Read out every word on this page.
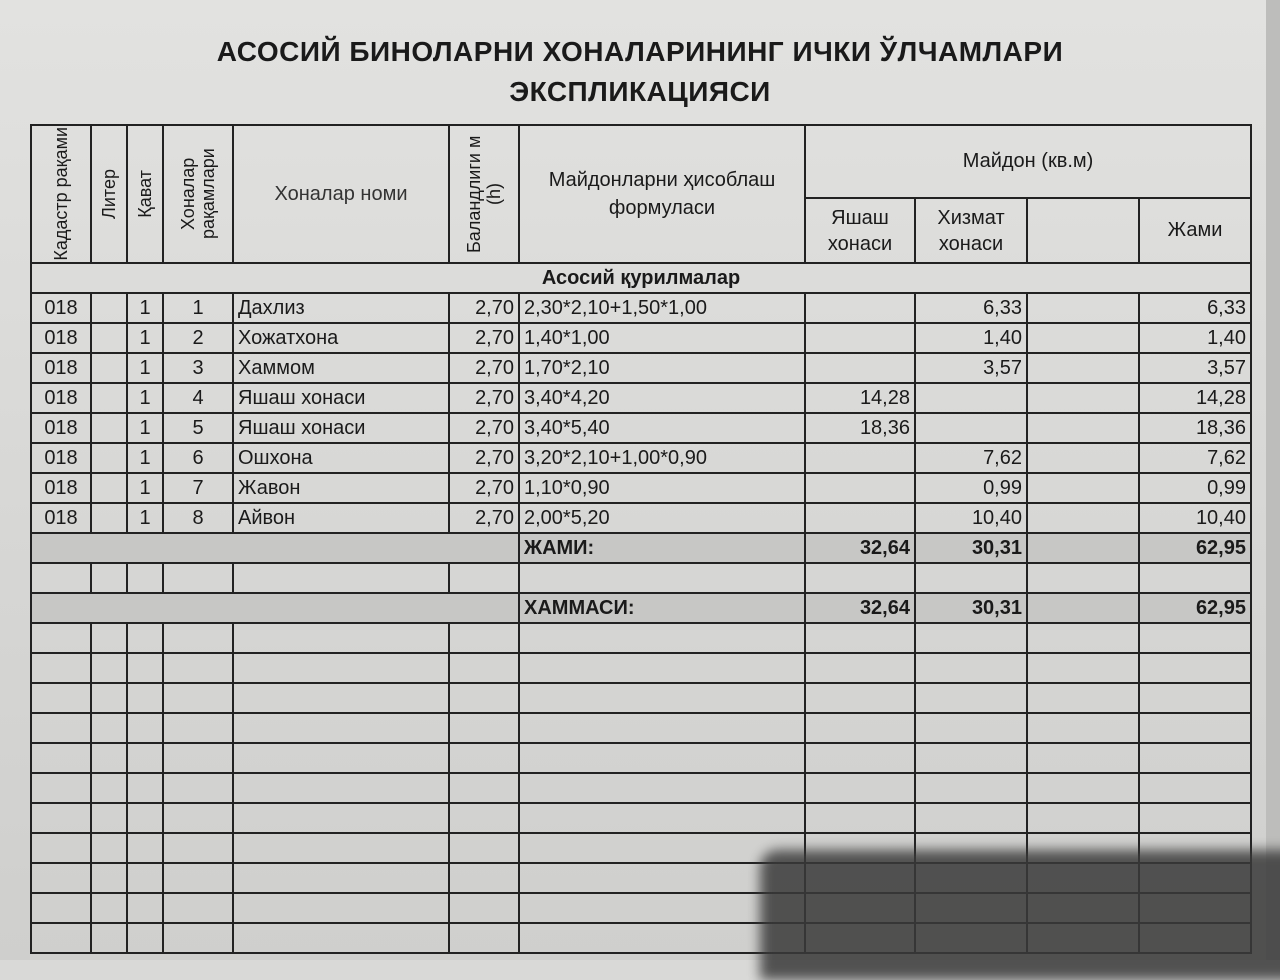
АСОСИЙ БИНОЛАРНИ ХОНАЛАРИНИНГ ИЧКИ ЎЛЧАМЛАРИ
ЭКСПЛИКАЦИЯСИ
Кадастр рақами	Литер	Қават	Хоналар рақамлари	Хоналар номи	Баландлиги м (h)	Майдонларни ҳисоблаш формуласи	Майдон (кв.м)			
							Яшаш хонаси	Хизмат хонаси		Жами
Асосий қурилмалар										
018		1	1	Дахлиз	2,70	2,30*2,10+1,50*1,00		6,33		6,33
018		1	2	Хожатхона	2,70	1,40*1,00		1,40		1,40
018		1	3	Хаммом	2,70	1,70*2,10		3,57		3,57
018		1	4	Яшаш хонаси	2,70	3,40*4,20	14,28			14,28
018		1	5	Яшаш хонаси	2,70	3,40*5,40	18,36			18,36
018		1	6	Ошхона	2,70	3,20*2,10+1,00*0,90		7,62		7,62
018		1	7	Жавон	2,70	1,10*0,90		0,99		0,99
018		1	8	Айвон	2,70	2,00*5,20		10,40		10,40
						ЖАМИ:	32,64	30,31		62,95

						ХАММАСИ:	32,64	30,31		62,95
